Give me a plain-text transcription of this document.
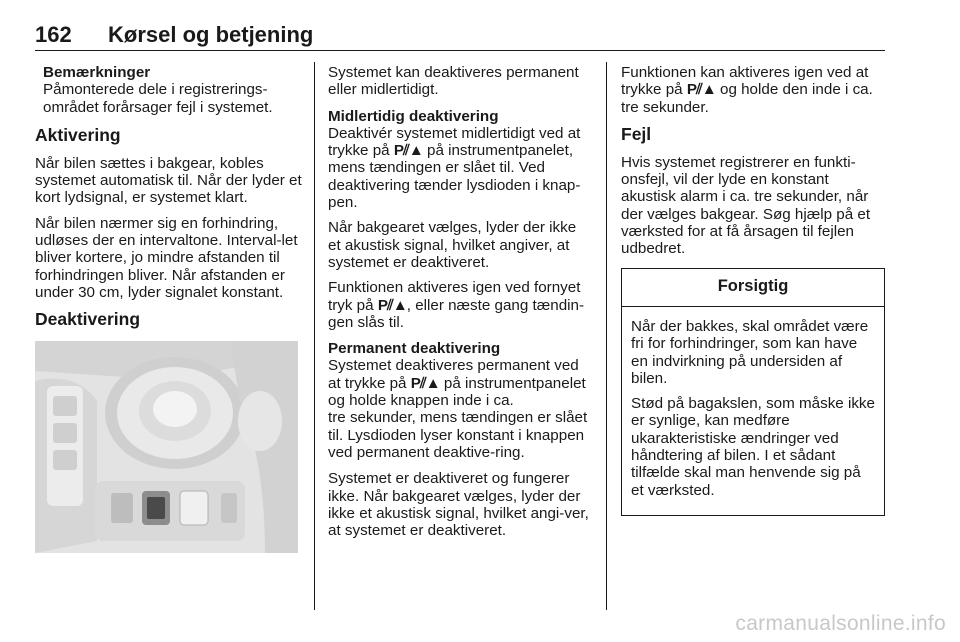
162 Kørsel og betjening
Bemærkninger
Påmonterede dele i registrerings-området forårsager fejl i systemet.
Aktivering

Når bilen sættes i bakgear, kobles systemet automatisk til. Når der lyder et kort lydsignal, er systemet klart.

Når bilen nærmer sig en forhindring, udløses der en intervaltone. Interval-let bliver kortere, jo mindre afstanden til forhindringen bliver. Når afstanden er under 30 cm, lyder signalet konstant.

Deaktivering

Systemet kan deaktiveres permanent eller midlertidigt.

Midlertidig deaktivering

Deaktivér systemet midlertidigt ved at trykke på P⫽▲ på instrumentpanelet, mens tændingen er slået til. Ved deaktivering tænder lysdioden i knap-pen.

Når bakgearet vælges, lyder der ikke et akustisk signal, hvilket angiver, at systemet er deaktiveret.

Funktionen aktiveres igen ved fornyet tryk på P⫽▲, eller næste gang tændin-gen slås til.

Permanent deaktivering

Systemet deaktiveres permanent ved at trykke på P⫽▲ på instrumentpanelet og holde knappen inde i ca.
tre sekunder, mens tændingen er slået til. Lysdioden lyser konstant i knappen ved permanent deaktive-ring.

Systemet er deaktiveret og fungerer ikke. Når bakgearet vælges, lyder der ikke et akustisk signal, hvilket angi-ver, at systemet er deaktiveret.

Funktionen kan aktiveres igen ved at trykke på P⫽▲ og holde den inde i ca. tre sekunder.

Fejl

Hvis systemet registrerer en funkti-onsfejl, vil der lyde en konstant akustisk alarm i ca. tre sekunder, når der vælges bakgear. Søg hjælp på et værksted for at få årsagen til fejlen udbedret.

Forsigtig

Når der bakkes, skal området være fri for forhindringer, som kan have en indvirkning på undersiden af bilen.

Stød på bagakslen, som måske ikke er synlige, kan medføre ukarakteristiske ændringer ved håndtering af bilen. I et sådant tilfælde skal man henvende sig på et værksted.

carmanualsonline.info
